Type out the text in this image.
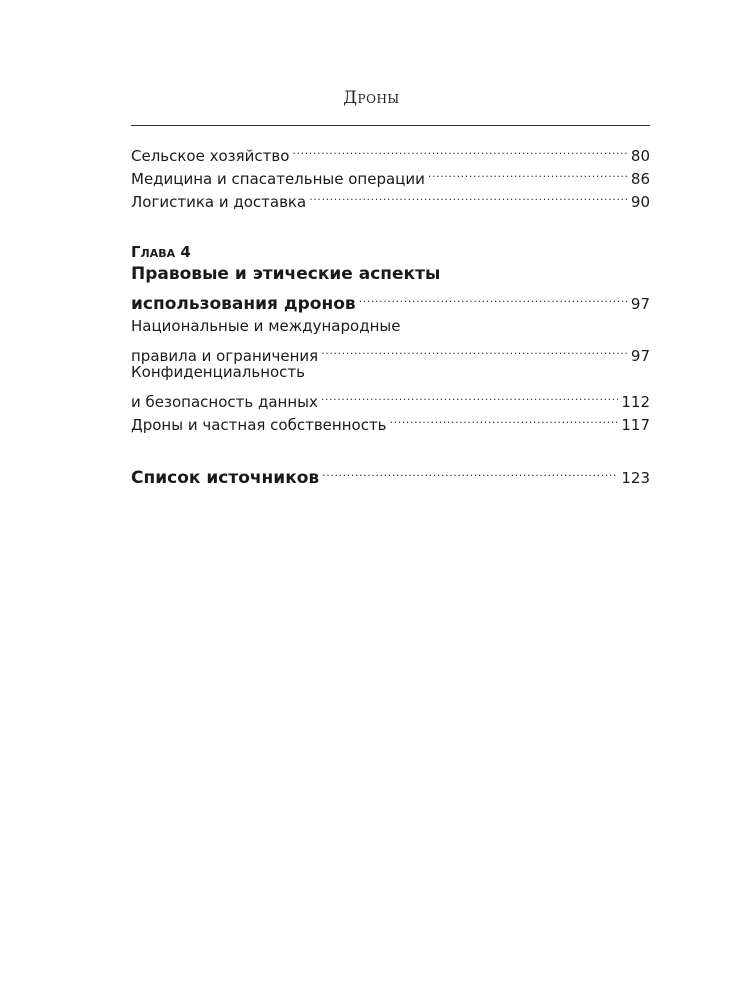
Дроны
Сельское хозяйство .....	80
Медицина и спасательные операции .....	86
Логистика и доставка .....	90
Глава 4
Правовые и этические аспекты
использования дронов .....	97
Национальные и международные
правила и ограничения .....	97
Конфиденциальность
и безопасность данных .....	112
Дроны и частная собственность .....	117
Список источников .....	123
